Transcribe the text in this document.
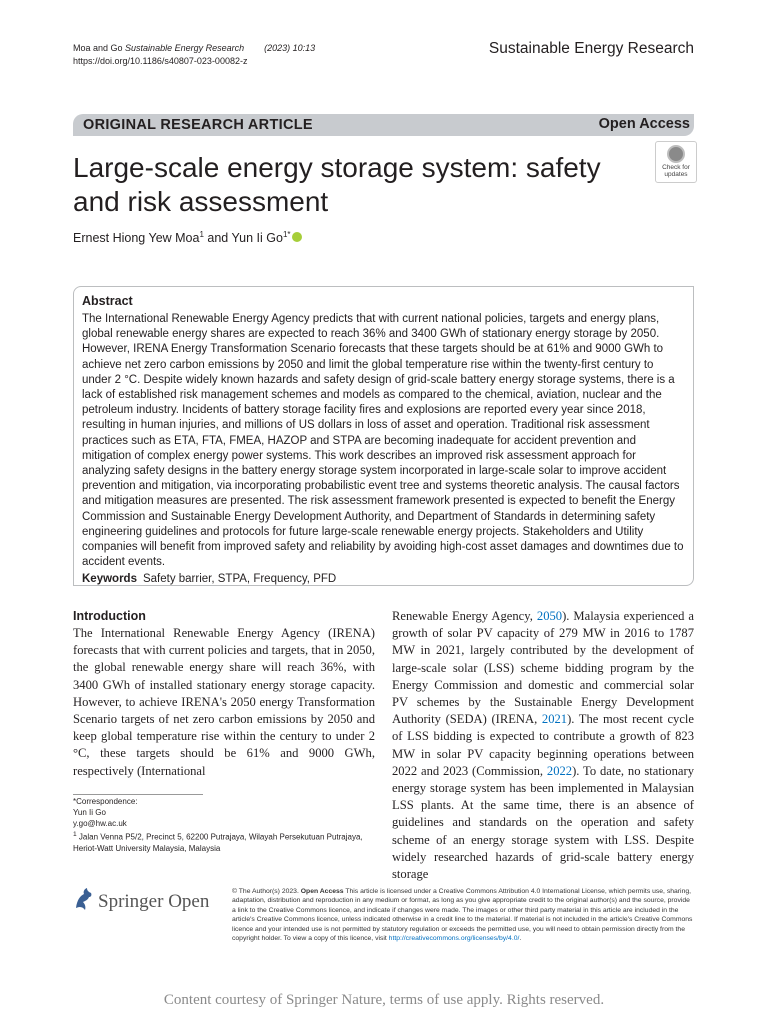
Moa and Go Sustainable Energy Research (2023) 10:13
https://doi.org/10.1186/s40807-023-00082-z
Sustainable Energy Research
ORIGINAL RESEARCH ARTICLE	Open Access
Large-scale energy storage system: safety and risk assessment
Check for
updates
Ernest Hiong Yew Moa$^1$ and Yun Ii $Go^{1*}$
Abstract

The International Renewable Energy Agency predicts that with current national policies, targets and energy plans, global renewable energy shares are expected to reach 36% and 3400 GWh of stationary energy storage by 2050. However, IRENA Energy Transformation Scenario forecasts that these targets should be at 61% and 9000 GWh to achieve net zero carbon emissions by 2050 and limit the global temperature rise within the twenty-first century to under 2 °C. Despite widely known hazards and safety design of grid-scale battery energy storage systems, there is a lack of established risk management schemes and models as compared to the chemical, aviation, nuclear and the petroleum industry. Incidents of battery storage facility fires and explosions are reported every year since 2018, resulting in human injuries, and millions of US dollars in loss of asset and operation. Traditional risk assessment practices such as ETA, FTA, FMEA, HAZOP and STPA are becoming inadequate for accident prevention and mitigation of complex energy power systems. This work describes an improved risk assessment approach for analyzing safety designs in the battery energy storage system incorporated in large-scale solar to improve accident prevention and mitigation, via incorporating probabilistic event tree and systems theoretic analysis. The causal factors and mitigation measures are presented. The risk assessment framework presented is expected to benefit the Energy Commission and Sustainable Energy Development Authority, and Department of Standards in determining safety engineering guidelines and protocols for future large-scale renewable energy projects. Stakeholders and Utility companies will benefit from improved safety and reliability by avoiding high-cost asset damages and downtimes due to accident events.

Keywords Safety barrier, STPA, Frequency, PFD
Introduction
The International Renewable Energy Agency (IRENA) forecasts that with current policies and targets, that in 2050, the global renewable energy share will reach 36%, with 3400 GWh of installed stationary energy storage capacity. However, to achieve IRENA's 2050 energy Transformation Scenario targets of net zero carbon emissions by 2050 and keep global temperature rise within the century to under 2 °C, these targets should be 61% and 9000 GWh, respectively (International
Renewable Energy Agency, 2050). Malaysia experienced a growth of solar PV capacity of 279 MW in 2016 to 1787 MW in 2021, largely contributed by the development of large-scale solar (LSS) scheme bidding program by the Energy Commission and domestic and commercial solar PV schemes by the Sustainable Energy Development Authority (SEDA) (IRENA, 2021). The most recent cycle of LSS bidding is expected to contribute a growth of 823 MW in solar PV capacity beginning operations between 2022 and 2023 (Commission, 2022). To date, no stationary energy storage system has been implemented in Malaysian LSS plants. At the same time, there is an absence of guidelines and standards on the operation and safety scheme of an energy storage system with LSS. Despite widely researched hazards of grid-scale battery energy storage
*Correspondence:
Yun Ii Go
y.go@hw.ac.uk
$^1$ Jalan Venna P5/2, Precinct 5, 62200 Putrajaya, Wilayah Persekutuan Putrajaya, Heriot-Watt University Malaysia, Malaysia
Springer Open	© The Author(s) 2023. Open Access This article is licensed under a Creative Commons Attribution 4.0 International License, which permits use, sharing, adaptation, distribution and reproduction in any medium or format, as long as you give appropriate credit to the original author(s) and the source, provide a link to the Creative Commons licence, and indicate if changes were made. The images or other third party material in this article are included in the article's Creative Commons licence, unless indicated otherwise in a credit line to the material. If material is not included in the article's Creative Commons licence and your intended use is not permitted by statutory regulation or exceeds the permitted use, you will need to obtain permission directly from the copyright holder. To view a copy of this licence, visit http://creativecommons.org/licenses/by/4.0/.
Content courtesy of Springer Nature, terms of use apply. Rights reserved.
